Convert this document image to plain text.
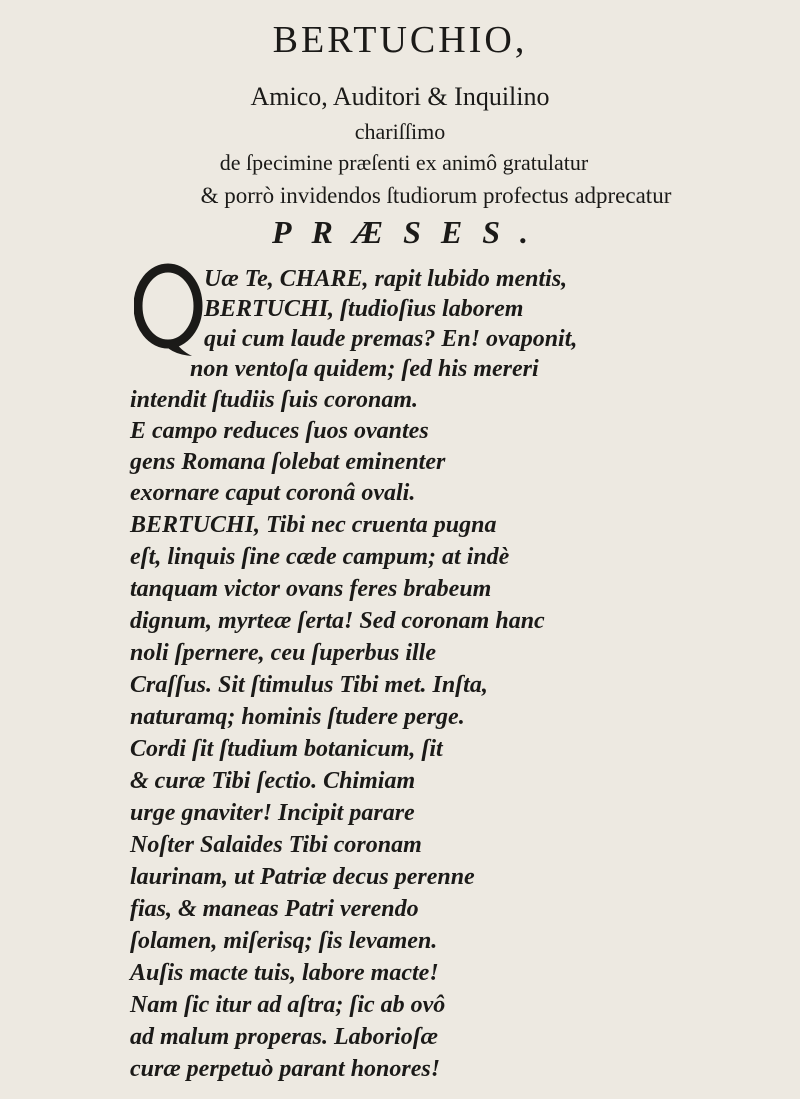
BERTUCHIO,
Amico, Auditori & Inquilino
chariſſimo
de ſpecimine præſenti ex animô gratulatur
& porrò invidendos ſtudiorum profectus adprecatur
PRÆSES.
Uæ Te, CHARE, rapit lubido mentis,
BERTUCHI, ſtudioſius laborem
qui cum laude premas? En! ovaponit,
non ventoſa quidem; ſed his mereri
intendit ſtudiis ſuis coronam.
E campo reduces ſuos ovantes
gens Romana ſolebat eminenter
exornare caput coronâ ovali.
BERTUCHI, Tibi nec cruenta pugna
eſt, linquis ſine cæde campum; at indè
tanquam victor ovans feres brabeum
dignum, myrteæ ſerta! Sed coronam hanc
noli ſpernere, ceu ſuperbus ille
Craſſus. Sit ſtimulus Tibi met. Inſta,
naturamq; hominis ſtudere perge.
Cordi ſit ſtudium botanicum, ſit
& curæ Tibi ſectio. Chimiam
urge gnaviter! Incipit parare
Noſter Salaides Tibi coronam
laurinam, ut Patriæ decus perenne
fias, & maneas Patri verendo
ſolamen, miſerisq; ſis levamen.
Auſis macte tuis, labore macte!
Nam ſic itur ad aſtra; ſic ab ovô
ad malum properas. Laborioſæ
curæ perpetuò parant honores!
